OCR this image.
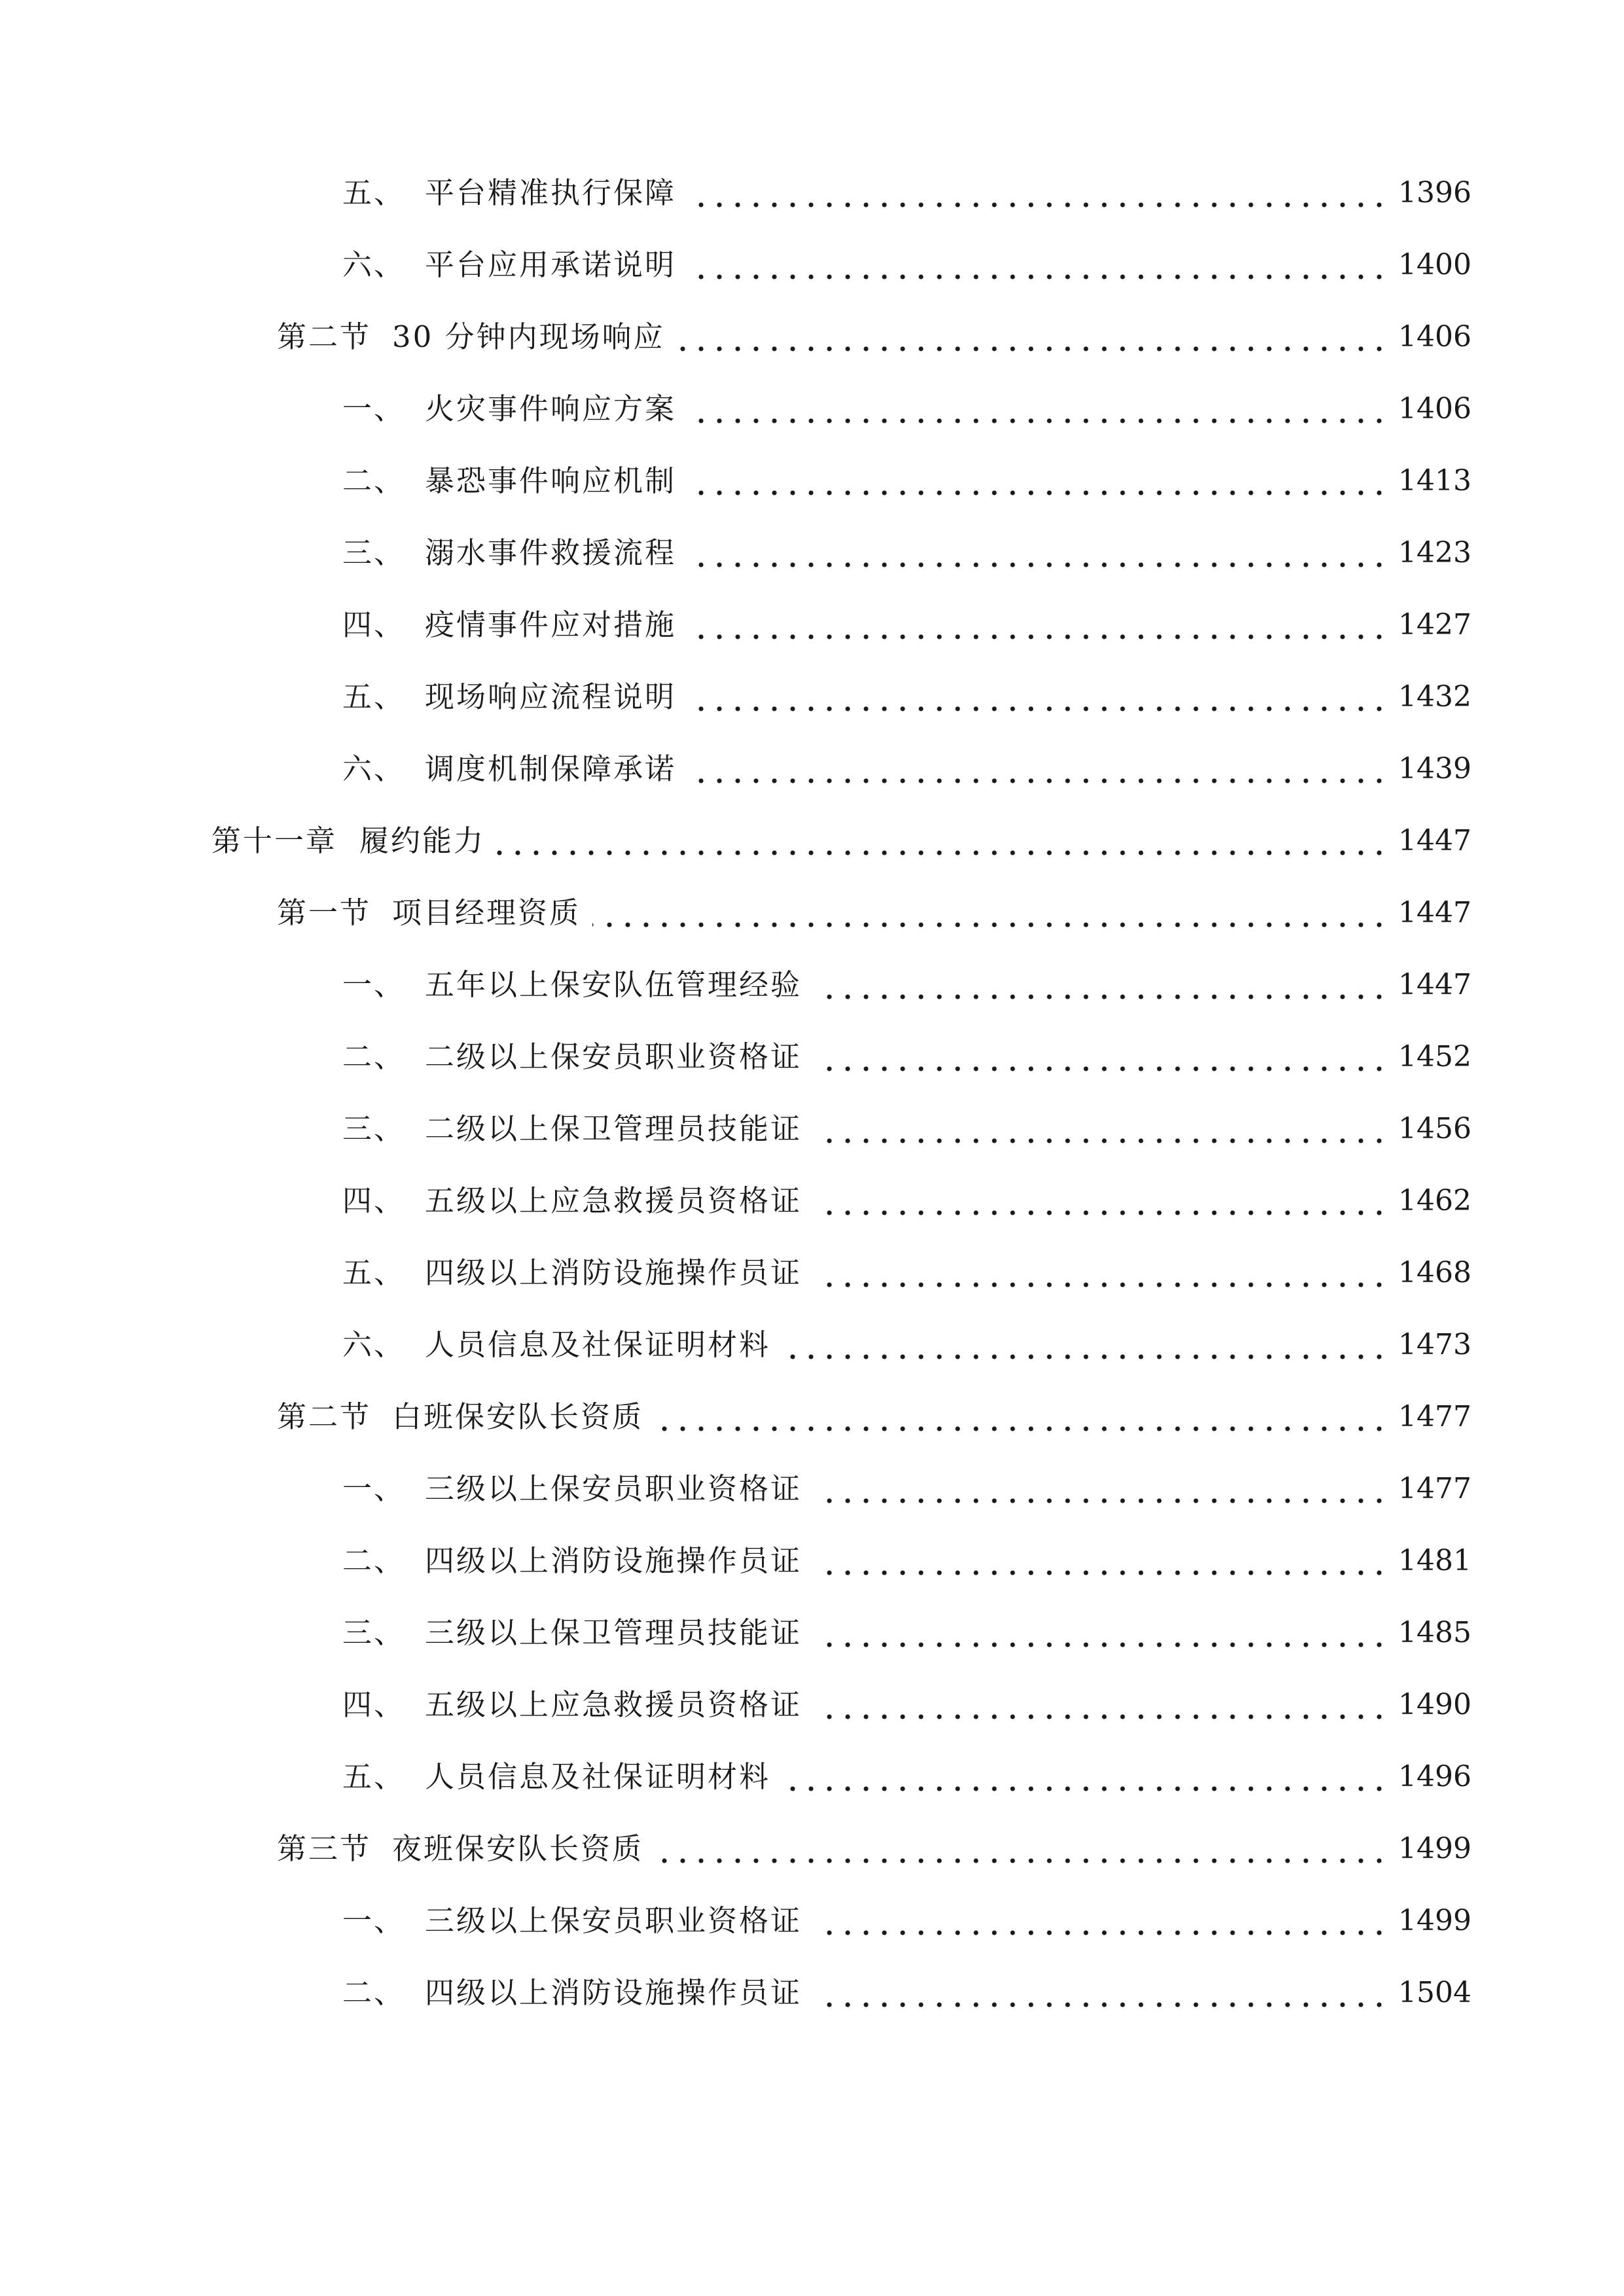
五、 平台精准执行保障	1396
六、 平台应用承诺说明	1400
第二节 30 分钟内现场响应	1406
一、 火灾事件响应方案	1406
二、 暴恐事件响应机制	1413
三、 溺水事件救援流程	1423
四、 疫情事件应对措施	1427
五、 现场响应流程说明	1432
六、 调度机制保障承诺	1439
第十一章 履约能力	1447
第一节 项目经理资质	1447
一、 五年以上保安队伍管理经验	1447
二、 二级以上保安员职业资格证	1452
三、 二级以上保卫管理员技能证	1456
四、 五级以上应急救援员资格证	1462
五、 四级以上消防设施操作员证	1468
六、 人员信息及社保证明材料	1473
第二节 白班保安队长资质	1477
一、 三级以上保安员职业资格证	1477
二、 四级以上消防设施操作员证	1481
三、 三级以上保卫管理员技能证	1485
四、 五级以上应急救援员资格证	1490
五、 人员信息及社保证明材料	1496
第三节 夜班保安队长资质	1499
一、 三级以上保安员职业资格证	1499
二、 四级以上消防设施操作员证	1504
